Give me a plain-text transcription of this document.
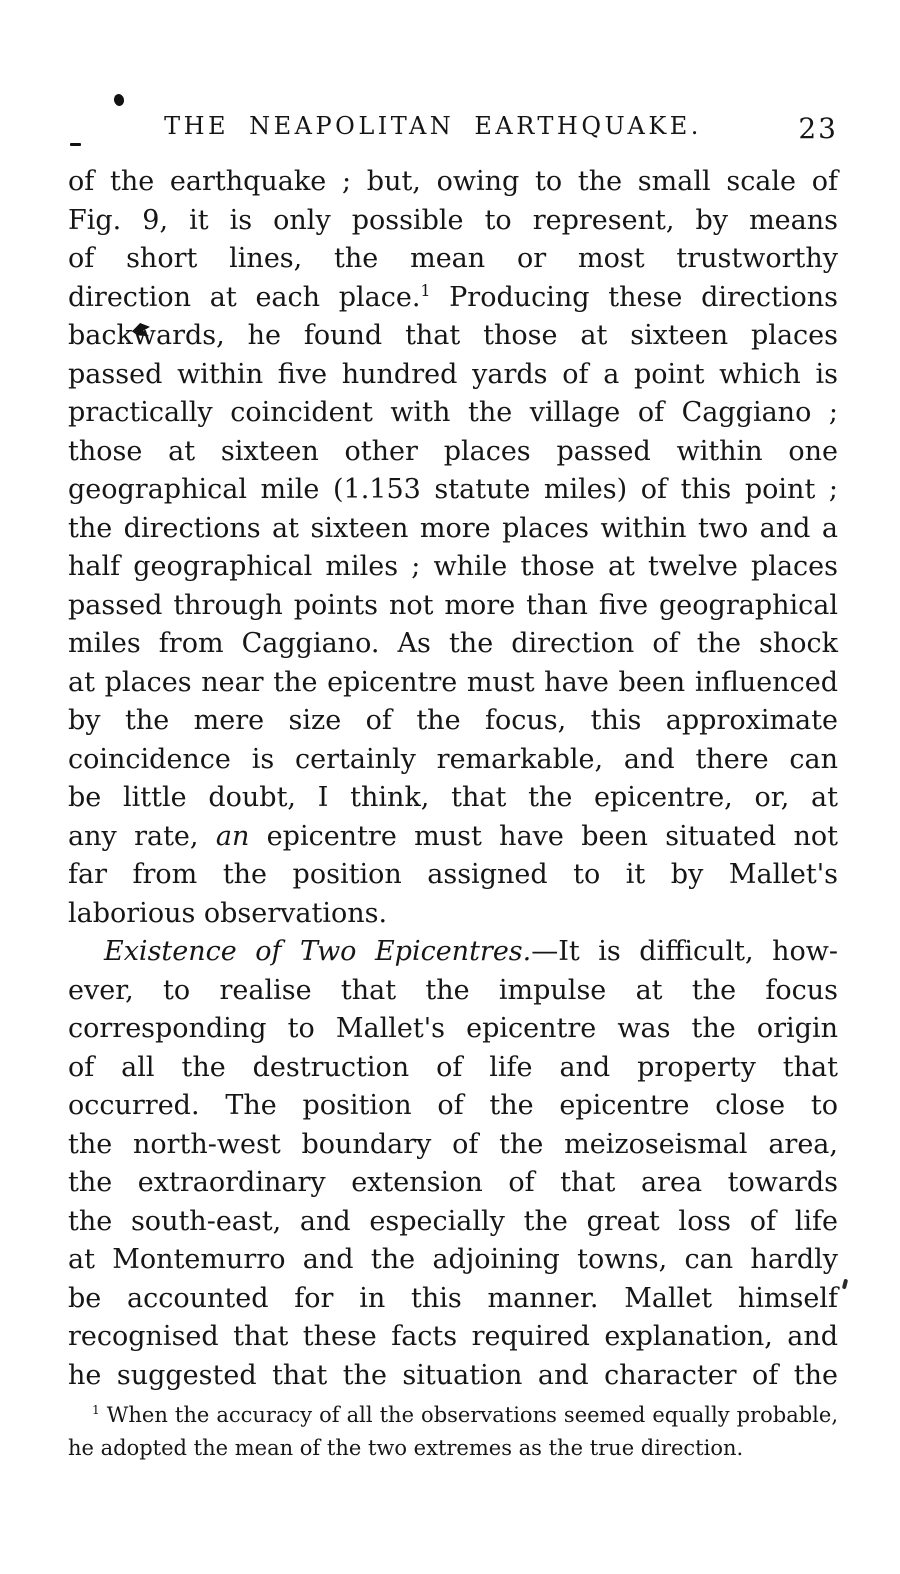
THE NEAPOLITAN EARTHQUAKE.	23
of the earthquake ; but, owing to the small scale of
Fig. 9, it is only possible to represent, by means
of short lines, the mean or most trustworthy
direction at each place.$^1$ Producing these directions
backwards, he found that those at sixteen places
passed within five hundred yards of a point which is
practically coincident with the village of Caggiano ;
those at sixteen other places passed within one
geographical mile (1.153 statute miles) of this point ;
the directions at sixteen more places within two and a
half geographical miles ; while those at twelve places
passed through points not more than five geographical
miles from Caggiano. As the direction of the shock
at places near the epicentre must have been influenced
by the mere size of the focus, this approximate
coincidence is certainly remarkable, and there can
be little doubt, I think, that the epicentre, or, at
any rate, an epicentre must have been situated not
far from the position assigned to it by Mallet's
laborious observations.
Existence of Two Epicentres.—It is difficult, how-
ever, to realise that the impulse at the focus
corresponding to Mallet's epicentre was the origin
of all the destruction of life and property that
occurred. The position of the epicentre close to
the north-west boundary of the meizoseismal area,
the extraordinary extension of that area towards
the south-east, and especially the great loss of life
at Montemurro and the adjoining towns, can hardly
be accounted for in this manner. Mallet himself
recognised that these facts required explanation, and
he suggested that the situation and character of the
$^1$ When the accuracy of all the observations seemed equally probable,
he adopted the mean of the two extremes as the true direction.
